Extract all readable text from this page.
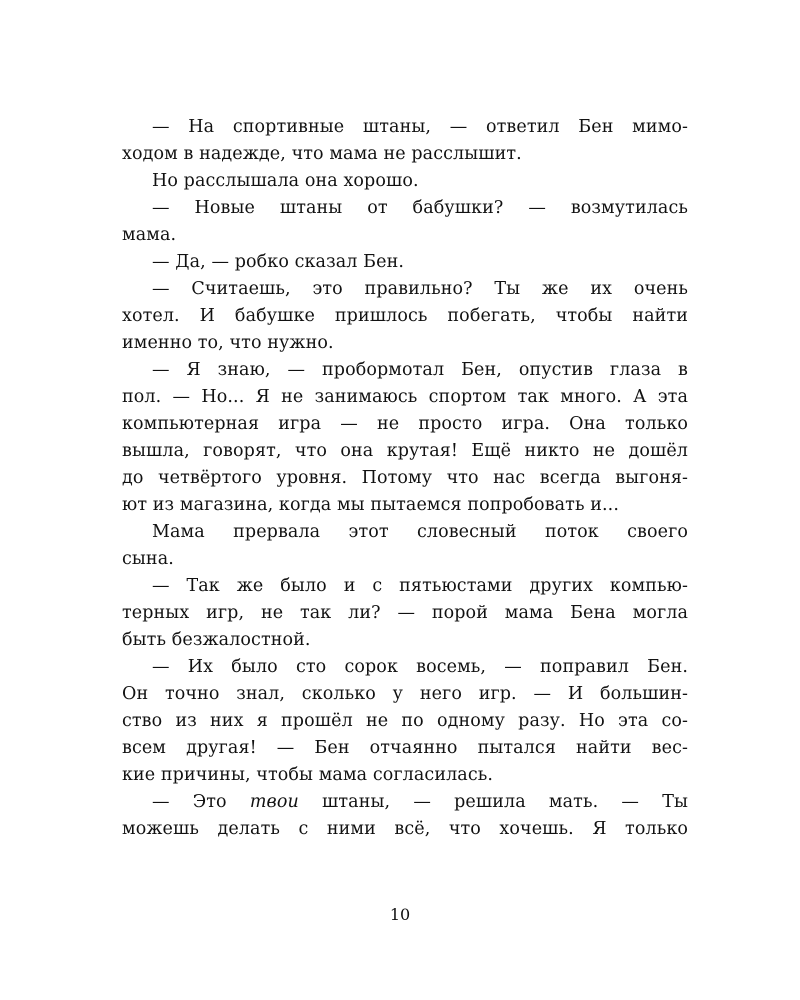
— На спортивные штаны, — ответил Бен мимо-
ходом в надежде, что мама не расслышит.
Но расслышала она хорошо.
— Новые штаны от бабушки? — возмутилась
мама.
— Да, — робко сказал Бен.
— Считаешь, это правильно? Ты же их очень
хотел. И бабушке пришлось побегать, чтобы найти
именно то, что нужно.
— Я знаю, — пробормотал Бен, опустив глаза в
пол. — Но... Я не занимаюсь спортом так много. А эта
компьютерная игра — не просто игра. Она только
вышла, говорят, что она крутая! Ещё никто не дошёл
до четвёртого уровня. Потому что нас всегда выгоня-
ют из магазина, когда мы пытаемся попробовать и...
Мама прервала этот словесный поток своего
сына.
— Так же было и с пятьюстами других компью-
терных игр, не так ли? — порой мама Бена могла
быть безжалостной.
— Их было сто сорок восемь, — поправил Бен.
Он точно знал, сколько у него игр. — И большин-
ство из них я прошёл не по одному разу. Но эта со-
всем другая! — Бен отчаянно пытался найти вес-
кие причины, чтобы мама согласилась.
— Это твои штаны, — решила мать. — Ты
можешь делать с ними всё, что хочешь. Я только
10
